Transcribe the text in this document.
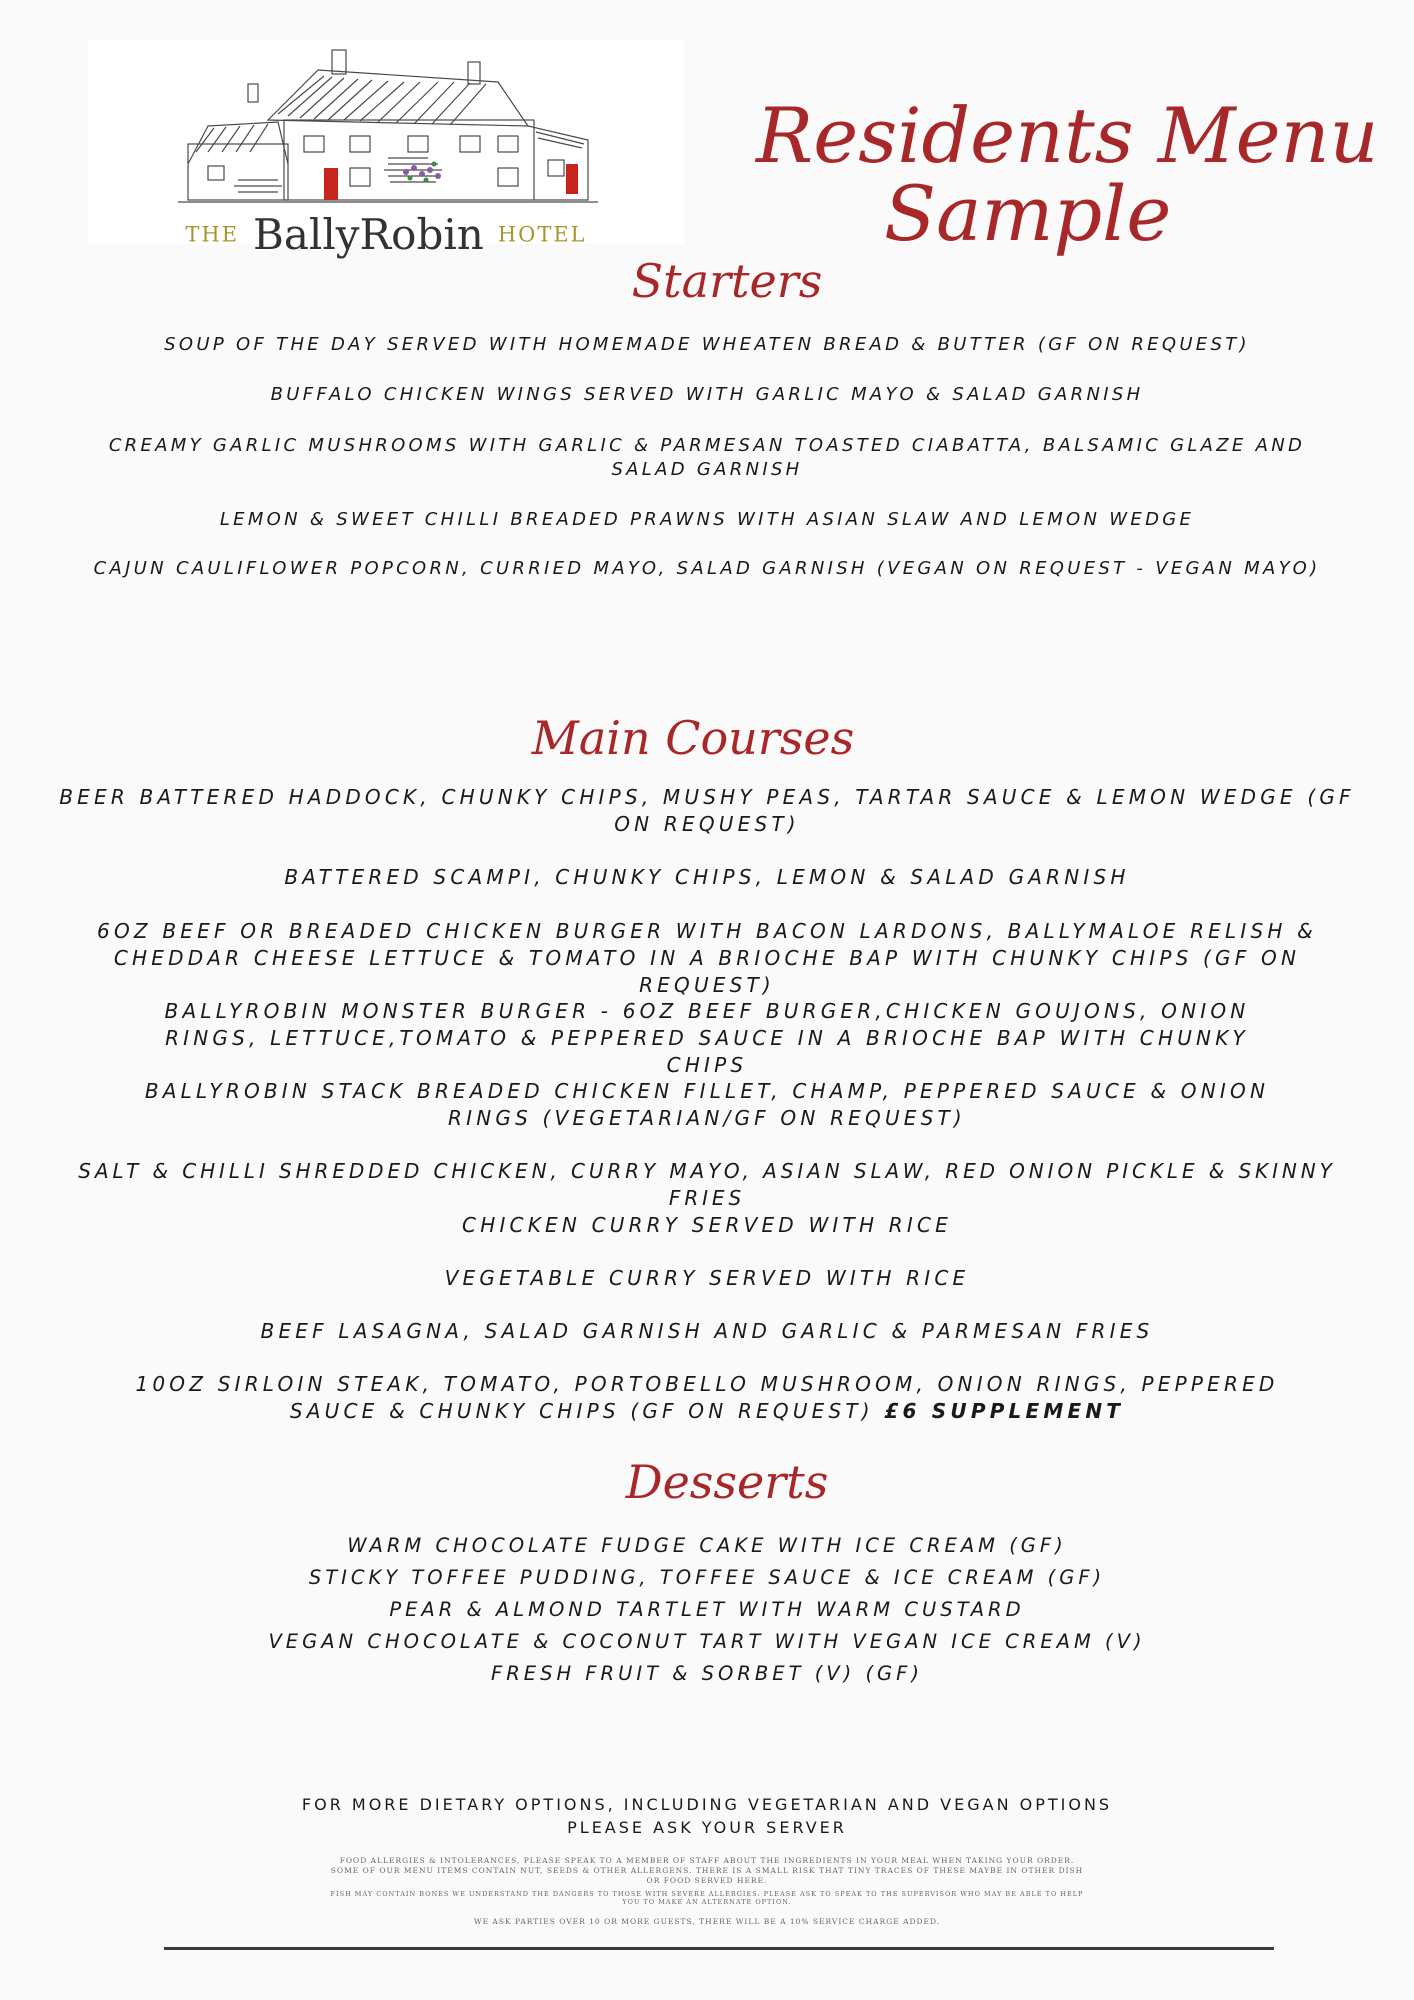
THE BallyRobin HOTEL
Residents Menu
Sample
Starters
SOUP OF THE DAY SERVED WITH HOMEMADE WHEATEN BREAD & BUTTER (GF ON REQUEST)
BUFFALO CHICKEN WINGS SERVED WITH GARLIC MAYO & SALAD GARNISH
CREAMY GARLIC MUSHROOMS WITH GARLIC & PARMESAN TOASTED CIABATTA, BALSAMIC GLAZE AND SALAD GARNISH
LEMON & SWEET CHILLI BREADED PRAWNS WITH ASIAN SLAW AND LEMON WEDGE
CAJUN CAULIFLOWER POPCORN, CURRIED MAYO, SALAD GARNISH (VEGAN ON REQUEST - VEGAN MAYO)
Main Courses
BEER BATTERED HADDOCK, CHUNKY CHIPS, MUSHY PEAS, TARTAR SAUCE & LEMON WEDGE (GF ON REQUEST)
BATTERED SCAMPI, CHUNKY CHIPS, LEMON & SALAD GARNISH
6OZ BEEF OR BREADED CHICKEN BURGER WITH BACON LARDONS, BALLYMALOE RELISH & CHEDDAR CHEESE LETTUCE & TOMATO IN A BRIOCHE BAP WITH CHUNKY CHIPS (GF ON REQUEST)
BALLYROBIN MONSTER BURGER - 6OZ BEEF BURGER,CHICKEN GOUJONS, ONION RINGS, LETTUCE,TOMATO & PEPPERED SAUCE IN A BRIOCHE BAP WITH CHUNKY CHIPS
BALLYROBIN STACK BREADED CHICKEN FILLET, CHAMP, PEPPERED SAUCE & ONION RINGS (VEGETARIAN/GF ON REQUEST)
SALT & CHILLI SHREDDED CHICKEN, CURRY MAYO, ASIAN SLAW, RED ONION PICKLE & SKINNY FRIES
CHICKEN CURRY SERVED WITH RICE
VEGETABLE CURRY SERVED WITH RICE
BEEF LASAGNA, SALAD GARNISH AND GARLIC & PARMESAN FRIES
10OZ SIRLOIN STEAK, TOMATO, PORTOBELLO MUSHROOM, ONION RINGS, PEPPERED SAUCE & CHUNKY CHIPS (GF ON REQUEST) £6 SUPPLEMENT
Desserts
WARM CHOCOLATE FUDGE CAKE WITH ICE CREAM (GF)
STICKY TOFFEE PUDDING, TOFFEE SAUCE & ICE CREAM (GF)
PEAR & ALMOND TARTLET WITH WARM CUSTARD
VEGAN CHOCOLATE & COCONUT TART WITH VEGAN ICE CREAM (V)
FRESH FRUIT & SORBET (V) (GF)
FOR MORE DIETARY OPTIONS, INCLUDING VEGETARIAN AND VEGAN OPTIONS
PLEASE ASK YOUR SERVER
FOOD ALLERGIES & INTOLERANCES, PLEASE SPEAK TO A MEMBER OF STAFF ABOUT THE INGREDIENTS IN YOUR MEAL WHEN TAKING YOUR ORDER. SOME OF OUR MENU ITEMS CONTAIN NUT, SEEDS & OTHER ALLERGENS. THERE IS A SMALL RISK THAT TINY TRACES OF THESE MAYBE IN OTHER DISH OR FOOD SERVED HERE.
FISH MAY CONTAIN BONES WE UNDERSTAND THE DANGERS TO THOSE WITH SEVERE ALLERGIES. PLEASE ASK TO SPEAK TO THE SUPERVISOR WHO MAY BE ABLE TO HELP YOU TO MAKE AN ALTERNATE OPTION.
WE ASK PARTIES OVER 10 OR MORE GUESTS, THERE WILL BE A 10% SERVICE CHARGE ADDED.
